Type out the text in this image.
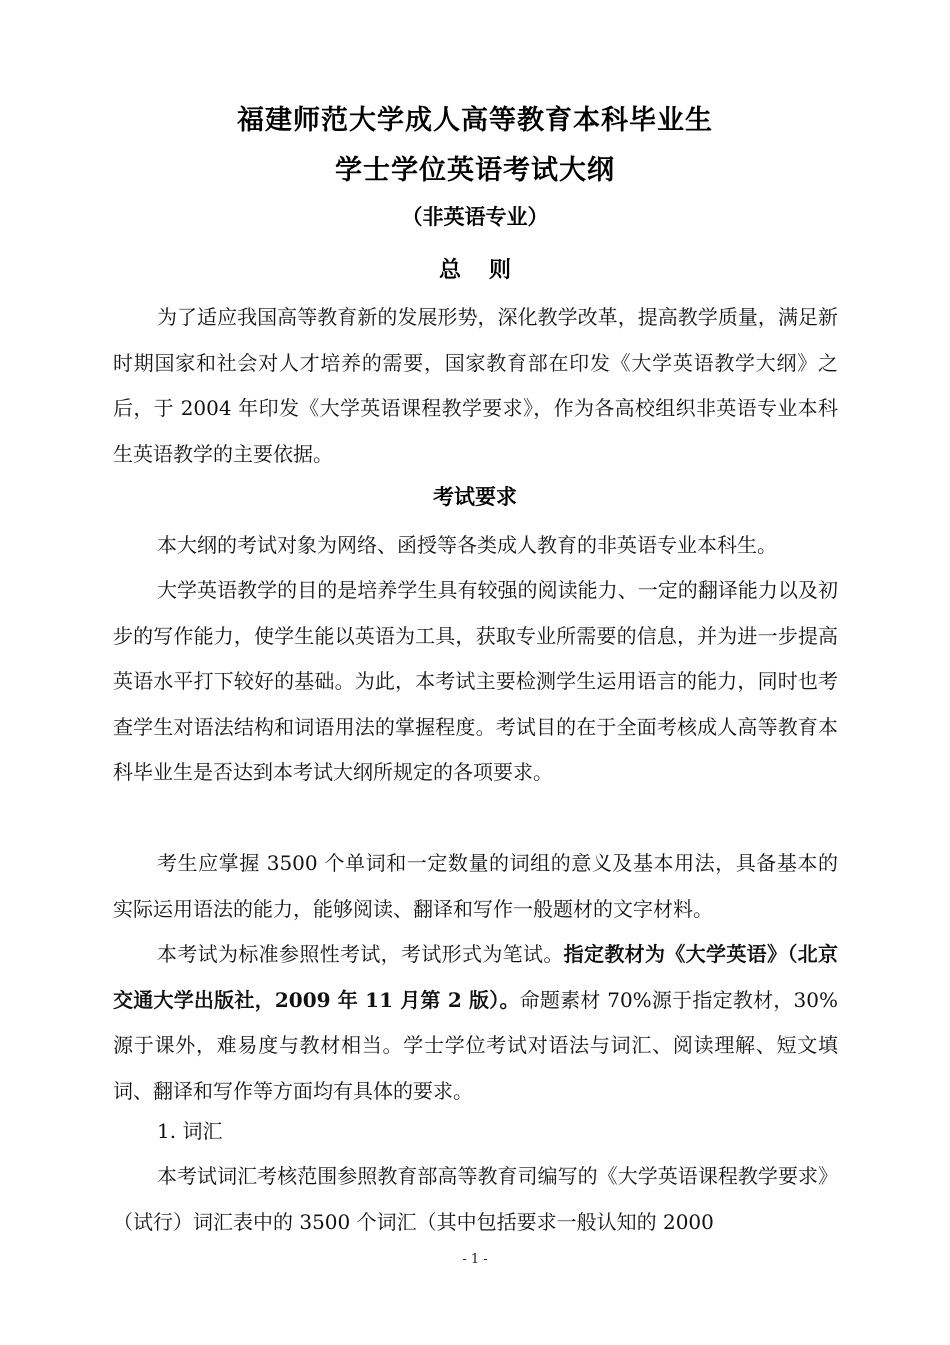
福建师范大学成人高等教育本科毕业生
学士学位英语考试大纲
（非英语专业）
总则

为了适应我国高等教育新的发展形势，深化教学改革，提高教学质量，满足新时期国家和社会对人才培养的需要，国家教育部在印发《大学英语教学大纲》之后，于 2004 年印发《大学英语课程教学要求》，作为各高校组织非英语专业本科生英语教学的主要依据。

考试要求

本大纲的考试对象为网络、函授等各类成人教育的非英语专业本科生。

大学英语教学的目的是培养学生具有较强的阅读能力、一定的翻译能力以及初步的写作能力，使学生能以英语为工具，获取专业所需要的信息，并为进一步提高英语水平打下较好的基础。为此，本考试主要检测学生运用语言的能力，同时也考查学生对语法结构和词语用法的掌握程度。考试目的在于全面考核成人高等教育本科毕业生是否达到本考试大纲所规定的各项要求。

考生应掌握 3500 个单词和一定数量的词组的意义及基本用法，具备基本的实际运用语法的能力，能够阅读、翻译和写作一般题材的文字材料。

本考试为标准参照性考试，考试形式为笔试。指定教材为《大学英语》（北京交通大学出版社，2009 年 11 月第 2 版）。命题素材 70%源于指定教材，30%源于课外，难易度与教材相当。学士学位考试对语法与词汇、阅读理解、短文填词、翻译和写作等方面均有具体的要求。

1. 词汇

本考试词汇考核范围参照教育部高等教育司编写的《大学英语课程教学要求》（试行）词汇表中的 3500 个词汇（其中包括要求一般认知的 2000

- 1 -
